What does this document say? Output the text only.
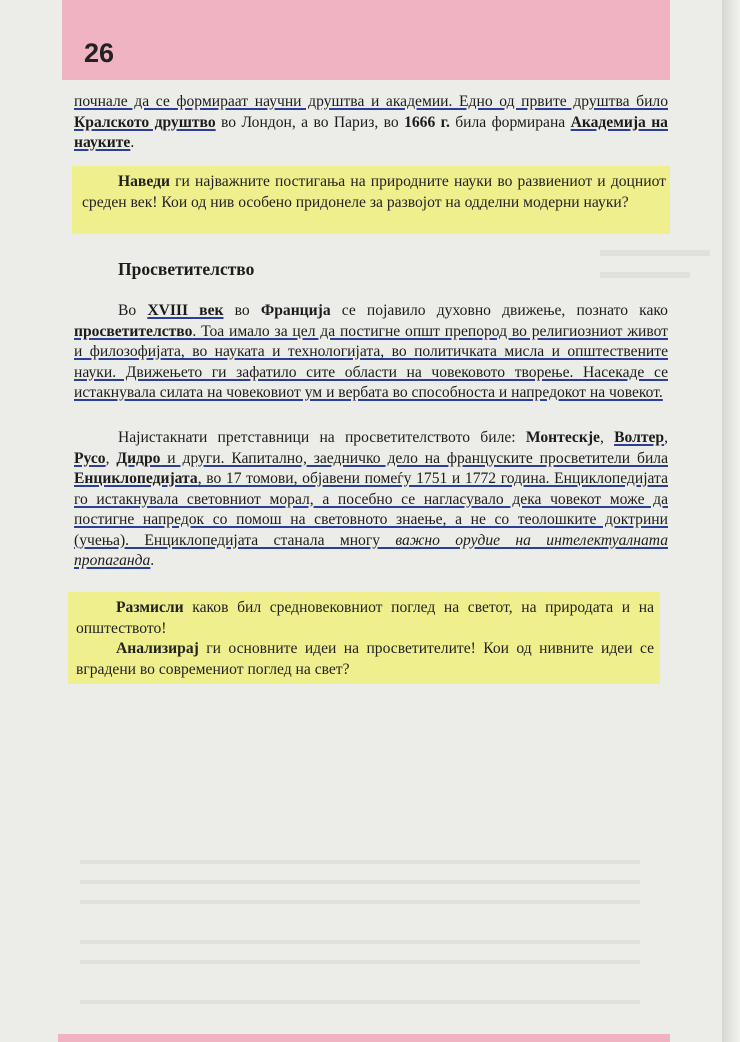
26

почнале да се формираат научни друштва и академии. Едно од првите друштва било Кралското друштво во Лондон, а во Париз, во 1666 г. била формирана Академија на науките.

Наведи ги најважните постигања на природните науки во развиениот и доцниот среден век! Кои од нив особено придонеле за развојот на одделни модерни науки?

Просветителство

Во XVIII век во Франција се појавило духовно движење, познато како просветителство. Тоа имало за цел да постигне општ препород во религиозниот живот и филозофијата, во науката и технологијата, во политичката мисла и општествените науки. Движењето ги зафатило сите области на човековото творење. Насекаде се истакнувала силата на човековиот ум и вербата во способноста и напредокот на човекот.

Најистакнати претставници на просветителството биле: Монтескје, Волтер, Русо, Дидро и други. Капитално, заедничко дело на француските просветители била Енциклопедијата, во 17 томови, објавени помеѓу 1751 и 1772 година. Енциклопедијата го истакнувала световниот морал, а посебно се нагласувало дека човекот може да постигне напредок со помош на световното знаење, а не со теолошките доктрини (учења). Енциклопедијата станала многу важно орудие на интелектуалната пропаганда.

Размисли каков бил средновековниот поглед на светот, на природата и на општеството!

Анализирај ги основните идеи на просветителите! Кои од нивните идеи се вградени во современиот поглед на свет?
